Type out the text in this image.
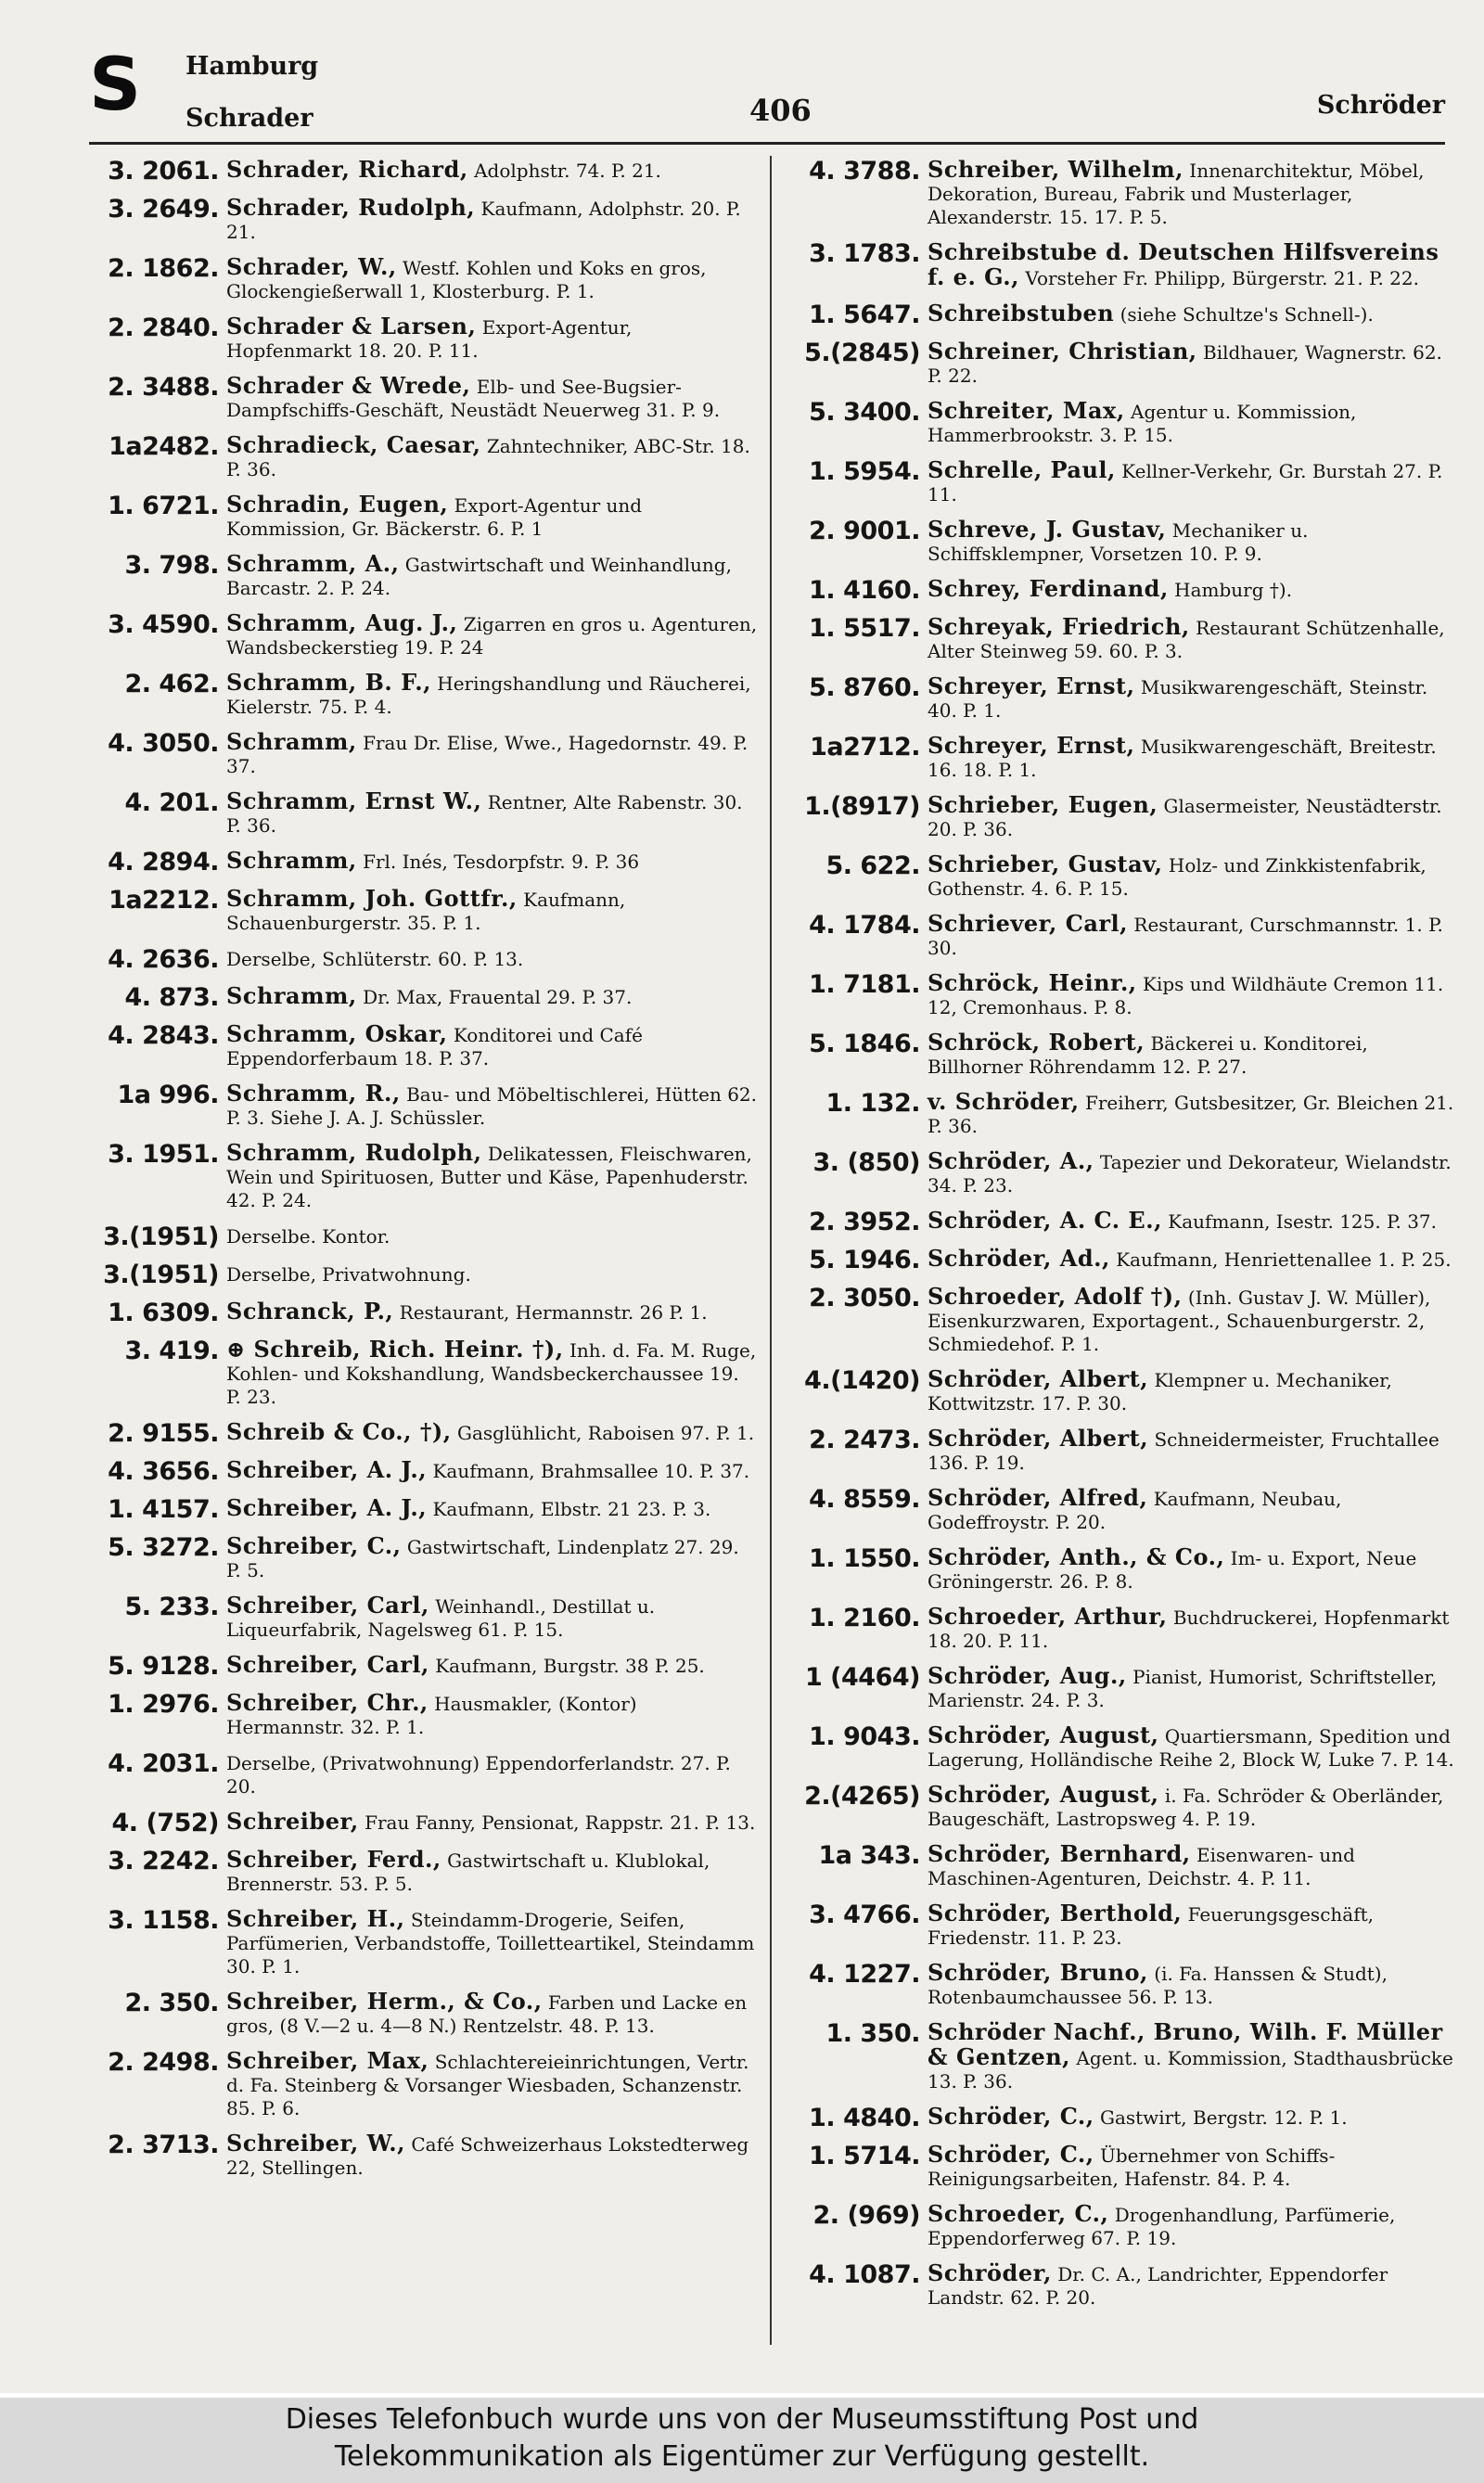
S Hamburg
Schrader	406	Schröder
3. 2061. Schrader, Richard, Adolphstr. 74. P. 21.
3. 2649. Schrader, Rudolph, Kaufmann, Adolphstr. 20. P. 21.
2. 1862. Schrader, W., Westf. Kohlen und Koks en gros, Glockengießerwall 1, Klosterburg. P. 1.
2. 2840. Schrader & Larsen, Export-Agentur, Hopfenmarkt 18. 20. P. 11.
2. 3488. Schrader & Wrede, Elb- und See-Bugsier-Dampfschiffs-Geschäft, Neustädt Neuerweg 31. P. 9.
1a2482. Schradieck, Caesar, Zahntechniker, ABC-Str. 18. P. 36.
1. 6721. Schradin, Eugen, Export-Agentur und Kommission, Gr. Bäckerstr. 6. P. 1
3. 798. Schramm, A., Gastwirtschaft und Weinhandlung, Barcastr. 2. P. 24.
3. 4590. Schramm, Aug. J., Zigarren en gros u. Agenturen, Wandsbeckerstieg 19. P. 24
2. 462. Schramm, B. F., Heringshandlung und Räucherei, Kielerstr. 75. P. 4.
4. 3050. Schramm, Frau Dr. Elise, Wwe., Hagedornstr. 49. P. 37.
4. 201. Schramm, Ernst W., Rentner, Alte Rabenstr. 30. P. 36.
4. 2894. Schramm, Frl. Inés, Tesdorpfstr. 9. P. 36
1a2212. Schramm, Joh. Gottfr., Kaufmann, Schauenburgerstr. 35. P. 1.
4. 2636. Derselbe, Schlüterstr. 60. P. 13.
4. 873. Schramm, Dr. Max, Frauental 29. P. 37.
4. 2843. Schramm, Oskar, Konditorei und Café Eppendorferbaum 18. P. 37.
1a 996. Schramm, R., Bau- und Möbeltischlerei, Hütten 62. P. 3. Siehe J. A. J. Schüssler.
3. 1951. Schramm, Rudolph, Delikatessen, Fleischwaren, Wein und Spirituosen, Butter und Käse, Papenhuderstr. 42. P. 24.
3.(1951) Derselbe. Kontor.
3.(1951) Derselbe, Privatwohnung.
1. 6309. Schranck, P., Restaurant, Hermannstr. 26 P. 1.
3. 419. ⊕ Schreib, Rich. Heinr. †), Inh. d. Fa. M. Ruge, Kohlen- und Kokshandlung, Wandsbeckerchaussee 19. P. 23.
2. 9155. Schreib & Co., †), Gasglühlicht, Raboisen 97. P. 1.
4. 3656. Schreiber, A. J., Kaufmann, Brahmsallee 10. P. 37.
1. 4157. Schreiber, A. J., Kaufmann, Elbstr. 21 23. P. 3.
5. 3272. Schreiber, C., Gastwirtschaft, Lindenplatz 27. 29. P. 5.
5. 233. Schreiber, Carl, Weinhandl., Destillat u. Liqueurfabrik, Nagelsweg 61. P. 15.
5. 9128. Schreiber, Carl, Kaufmann, Burgstr. 38 P. 25.
1. 2976. Schreiber, Chr., Hausmakler, (Kontor) Hermannstr. 32. P. 1.
4. 2031. Derselbe, (Privatwohnung) Eppendorferlandstr. 27. P. 20.
4. (752) Schreiber, Frau Fanny, Pensionat, Rappstr. 21. P. 13.
3. 2242. Schreiber, Ferd., Gastwirtschaft u. Klublokal, Brennerstr. 53. P. 5.
3. 1158. Schreiber, H., Steindamm-Drogerie, Seifen, Parfümerien, Verbandstoffe, Toilletteartikel, Steindamm 30. P. 1.
2. 350. Schreiber, Herm., & Co., Farben und Lacke en gros, (8 V.—2 u. 4—8 N.) Rentzelstr. 48. P. 13.
2. 2498. Schreiber, Max, Schlachtereieinrichtungen, Vertr. d. Fa. Steinberg & Vorsanger Wiesbaden, Schanzenstr. 85. P. 6.
2. 3713. Schreiber, W., Café Schweizerhaus Lokstedterweg 22, Stellingen.
4. 3788. Schreiber, Wilhelm, Innenarchitektur, Möbel, Dekoration, Bureau, Fabrik und Musterlager, Alexanderstr. 15. 17. P. 5.
3. 1783. Schreibstube d. Deutschen Hilfsvereins f. e. G., Vorsteher Fr. Philipp, Bürgerstr. 21. P. 22.
1. 5647. Schreibstuben (siehe Schultze's Schnell-).
5.(2845) Schreiner, Christian, Bildhauer, Wagnerstr. 62. P. 22.
5. 3400. Schreiter, Max, Agentur u. Kommission, Hammerbrookstr. 3. P. 15.
1. 5954. Schrelle, Paul, Kellner-Verkehr, Gr. Burstah 27. P. 11.
2. 9001. Schreve, J. Gustav, Mechaniker u. Schiffsklempner, Vorsetzen 10. P. 9.
1. 4160. Schrey, Ferdinand, Hamburg †).
1. 5517. Schreyak, Friedrich, Restaurant Schützenhalle, Alter Steinweg 59. 60. P. 3.
5. 8760. Schreyer, Ernst, Musikwarengeschäft, Steinstr. 40. P. 1.
1a2712. Schreyer, Ernst, Musikwarengeschäft, Breitestr. 16. 18. P. 1.
1.(8917) Schrieber, Eugen, Glasermeister, Neustädterstr. 20. P. 36.
5. 622. Schrieber, Gustav, Holz- und Zinkkistenfabrik, Gothenstr. 4. 6. P. 15.
4. 1784. Schriever, Carl, Restaurant, Curschmannstr. 1. P. 30.
1. 7181. Schröck, Heinr., Kips und Wildhäute Cremon 11. 12, Cremonhaus. P. 8.
5. 1846. Schröck, Robert, Bäckerei u. Konditorei, Billhorner Röhrendamm 12. P. 27.
1. 132. v. Schröder, Freiherr, Gutsbesitzer, Gr. Bleichen 21. P. 36.
3. (850) Schröder, A., Tapezier und Dekorateur, Wielandstr. 34. P. 23.
2. 3952. Schröder, A. C. E., Kaufmann, Isestr. 125. P. 37.
5. 1946. Schröder, Ad., Kaufmann, Henriettenallee 1. P. 25.
2. 3050. Schroeder, Adolf †), (Inh. Gustav J. W. Müller), Eisenkurzwaren, Exportagent., Schauenburgerstr. 2, Schmiedehof. P. 1.
4.(1420) Schröder, Albert, Klempner u. Mechaniker, Kottwitzstr. 17. P. 30.
2. 2473. Schröder, Albert, Schneidermeister, Fruchtallee 136. P. 19.
4. 8559. Schröder, Alfred, Kaufmann, Neubau, Godeffroystr. P. 20.
1. 1550. Schröder, Anth., & Co., Im- u. Export, Neue Gröningerstr. 26. P. 8.
1. 2160. Schroeder, Arthur, Buchdruckerei, Hopfenmarkt 18. 20. P. 11.
1 (4464) Schröder, Aug., Pianist, Humorist, Schriftsteller, Marienstr. 24. P. 3.
1. 9043. Schröder, August, Quartiersmann, Spedition und Lagerung, Holländische Reihe 2, Block W, Luke 7. P. 14.
2.(4265) Schröder, August, i. Fa. Schröder & Oberländer, Baugeschäft, Lastropsweg 4. P. 19.
1a 343. Schröder, Bernhard, Eisenwaren- und Maschinen-Agenturen, Deichstr. 4. P. 11.
3. 4766. Schröder, Berthold, Feuerungsgeschäft, Friedenstr. 11. P. 23.
4. 1227. Schröder, Bruno, (i. Fa. Hanssen & Studt), Rotenbaumchaussee 56. P. 13.
1. 350. Schröder Nachf., Bruno, Wilh. F. Müller & Gentzen, Agent. u. Kommission, Stadthausbrücke 13. P. 36.
1. 4840. Schröder, C., Gastwirt, Bergstr. 12. P. 1.
1. 5714. Schröder, C., Übernehmer von Schiffs-Reinigungsarbeiten, Hafenstr. 84. P. 4.
2. (969) Schroeder, C., Drogenhandlung, Parfümerie, Eppendorferweg 67. P. 19.
4. 1087. Schröder, Dr. C. A., Landrichter, Eppendorfer Landstr. 62. P. 20.
Dieses Telefonbuch wurde uns von der Museumsstiftung Post und
Telekommunikation als Eigentümer zur Verfügung gestellt.
